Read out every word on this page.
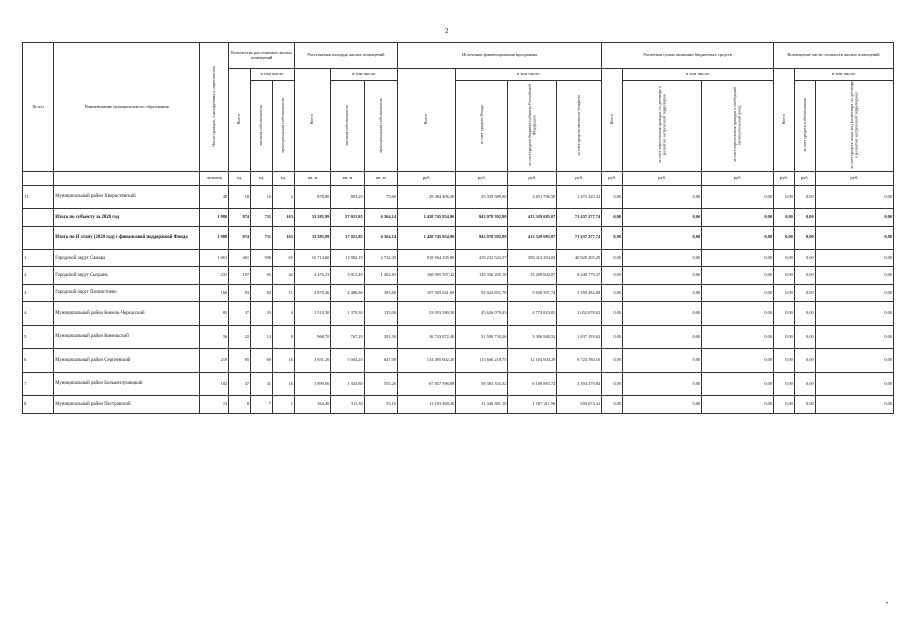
2
№ п/п	Наименование муниципального образования	Число граждан, планируемых к переселению	Количество расселяемых жилых помещений			Расселяемая площадь жилых помещений			Источники финансирования программы				Расчетная сумма экономии бюджетных средств			Возмещение части стоимости жилых помещений		
			Всего	в том числе:		Всего	в том числе:		Всего	в том числе:			Всего	в том числе:		Всего	в том числе:	
				частная собственность	муниципальная собственность		частная собственность	муниципальная собственность		за счет средств Фонда	за счет средств бюджета субъекта Российской Федерации	за счет средств местного бюджета		за счет переселения граждан по договору о развитии застроенной территории	за счет переселения граждан в свободный муниципальный фонд		за счет средств собственников	за счет средств иных лиц (инвестора по договору о развитии застроенной территории)
		человек	ед.	ед.	ед.	кв. м	кв. м	кв. м	руб.	руб.	руб.	руб.	руб.	руб.	руб.	руб.	руб.	руб.
13.	Муниципальный район Хворостянский	48	18	16	2	878,80	803,20	75,60	29 484 406,40	25 359 589,90	2 651 796,58	1 473 220,32	0,00	0,00	0,00	0,00	0,00	0,00
	Итого по субъекту за 2020 год	1 980	874	711	163	33 385,99	27 021,85	6 364,14	1 428 745 854,90	943 978 592,89	413 329 685,07	71 437 277,74	0,00	0,00	0,00	0,00	0,00	0,00
	Итого по II этапу (2020 год) с финансовой поддержкой Фонда	1 980	874	711	163	33 385,99	27 021,85	6 364,14	1 428 745 854,90	943 978 592,89	413 329 685,07	71 437 277,74	0,00	0,00	0,00	0,00	0,00	0,00
1.	Городской округ Самара	1 061	461	396	65	16 714,60	13 982,15	2 732,45	818 564 105,80	419 222 543,57	358 413 294,84	40 928 205,29	0,00	0,00	0,00	0,00	0,00	0,00
2.	Городской округ Сызрань	231	107	65	42	4 476,23	3 013,40	1 462,83	168 995 597,42	145 336 205,18	15 209 602,87	8 449 779,37	0,00	0,00	0,00	0,00	0,00	0,00
3.	Городской округ Похвистнево	166	93	82	11	2 870,46	2 486,86	383,60	107 005 641,60	92 024 851,78	9 630 507,74	5 350 282,08	0,00	0,00	0,00	0,00	0,00	0,00
4.	Муниципальный район Кинель-Черкасский	85	37	33	4	1 514,30	1 379,30	135,00	53 053 580,50	45 626 079,43	4 774 823,05	2 652 678,02	0,00	0,00	0,00	0,00	0,00	0,00
5.	Муниципальный район Кинельский	56	22	14	8	968,70	767,20	201,50	36 743 872,40	31 599 730,26	3 306 948,52	1 837 193,62	0,00	0,00	0,00	0,00	0,00	0,00
6.	Муниципальный район Сергиевский	219	85	69	16	3 651,20	3 004,20	647,00	134 495 602,20	115 666 218,75	12 104 604,29	6 724 780,16	0,00	0,00	0,00	0,00	0,00	0,00
7.	Муниципальный район Большеглушицкий	102	47	31	16	1 899,06	1 343,80	555,26	67 857 596,88	58 383 333,32	6 108 883,72	3 394 379,84	0,00	0,00	0,00	0,00	0,00	0,00
8.	Муниципальный район Пестравский	13	8	7	1	364,40	311,30	53,10	13 193 468,40	11 346 381,10	1 187 411,98	659 673,32	0,00	0,00	0,00	0,00	0,00	0,00
•
